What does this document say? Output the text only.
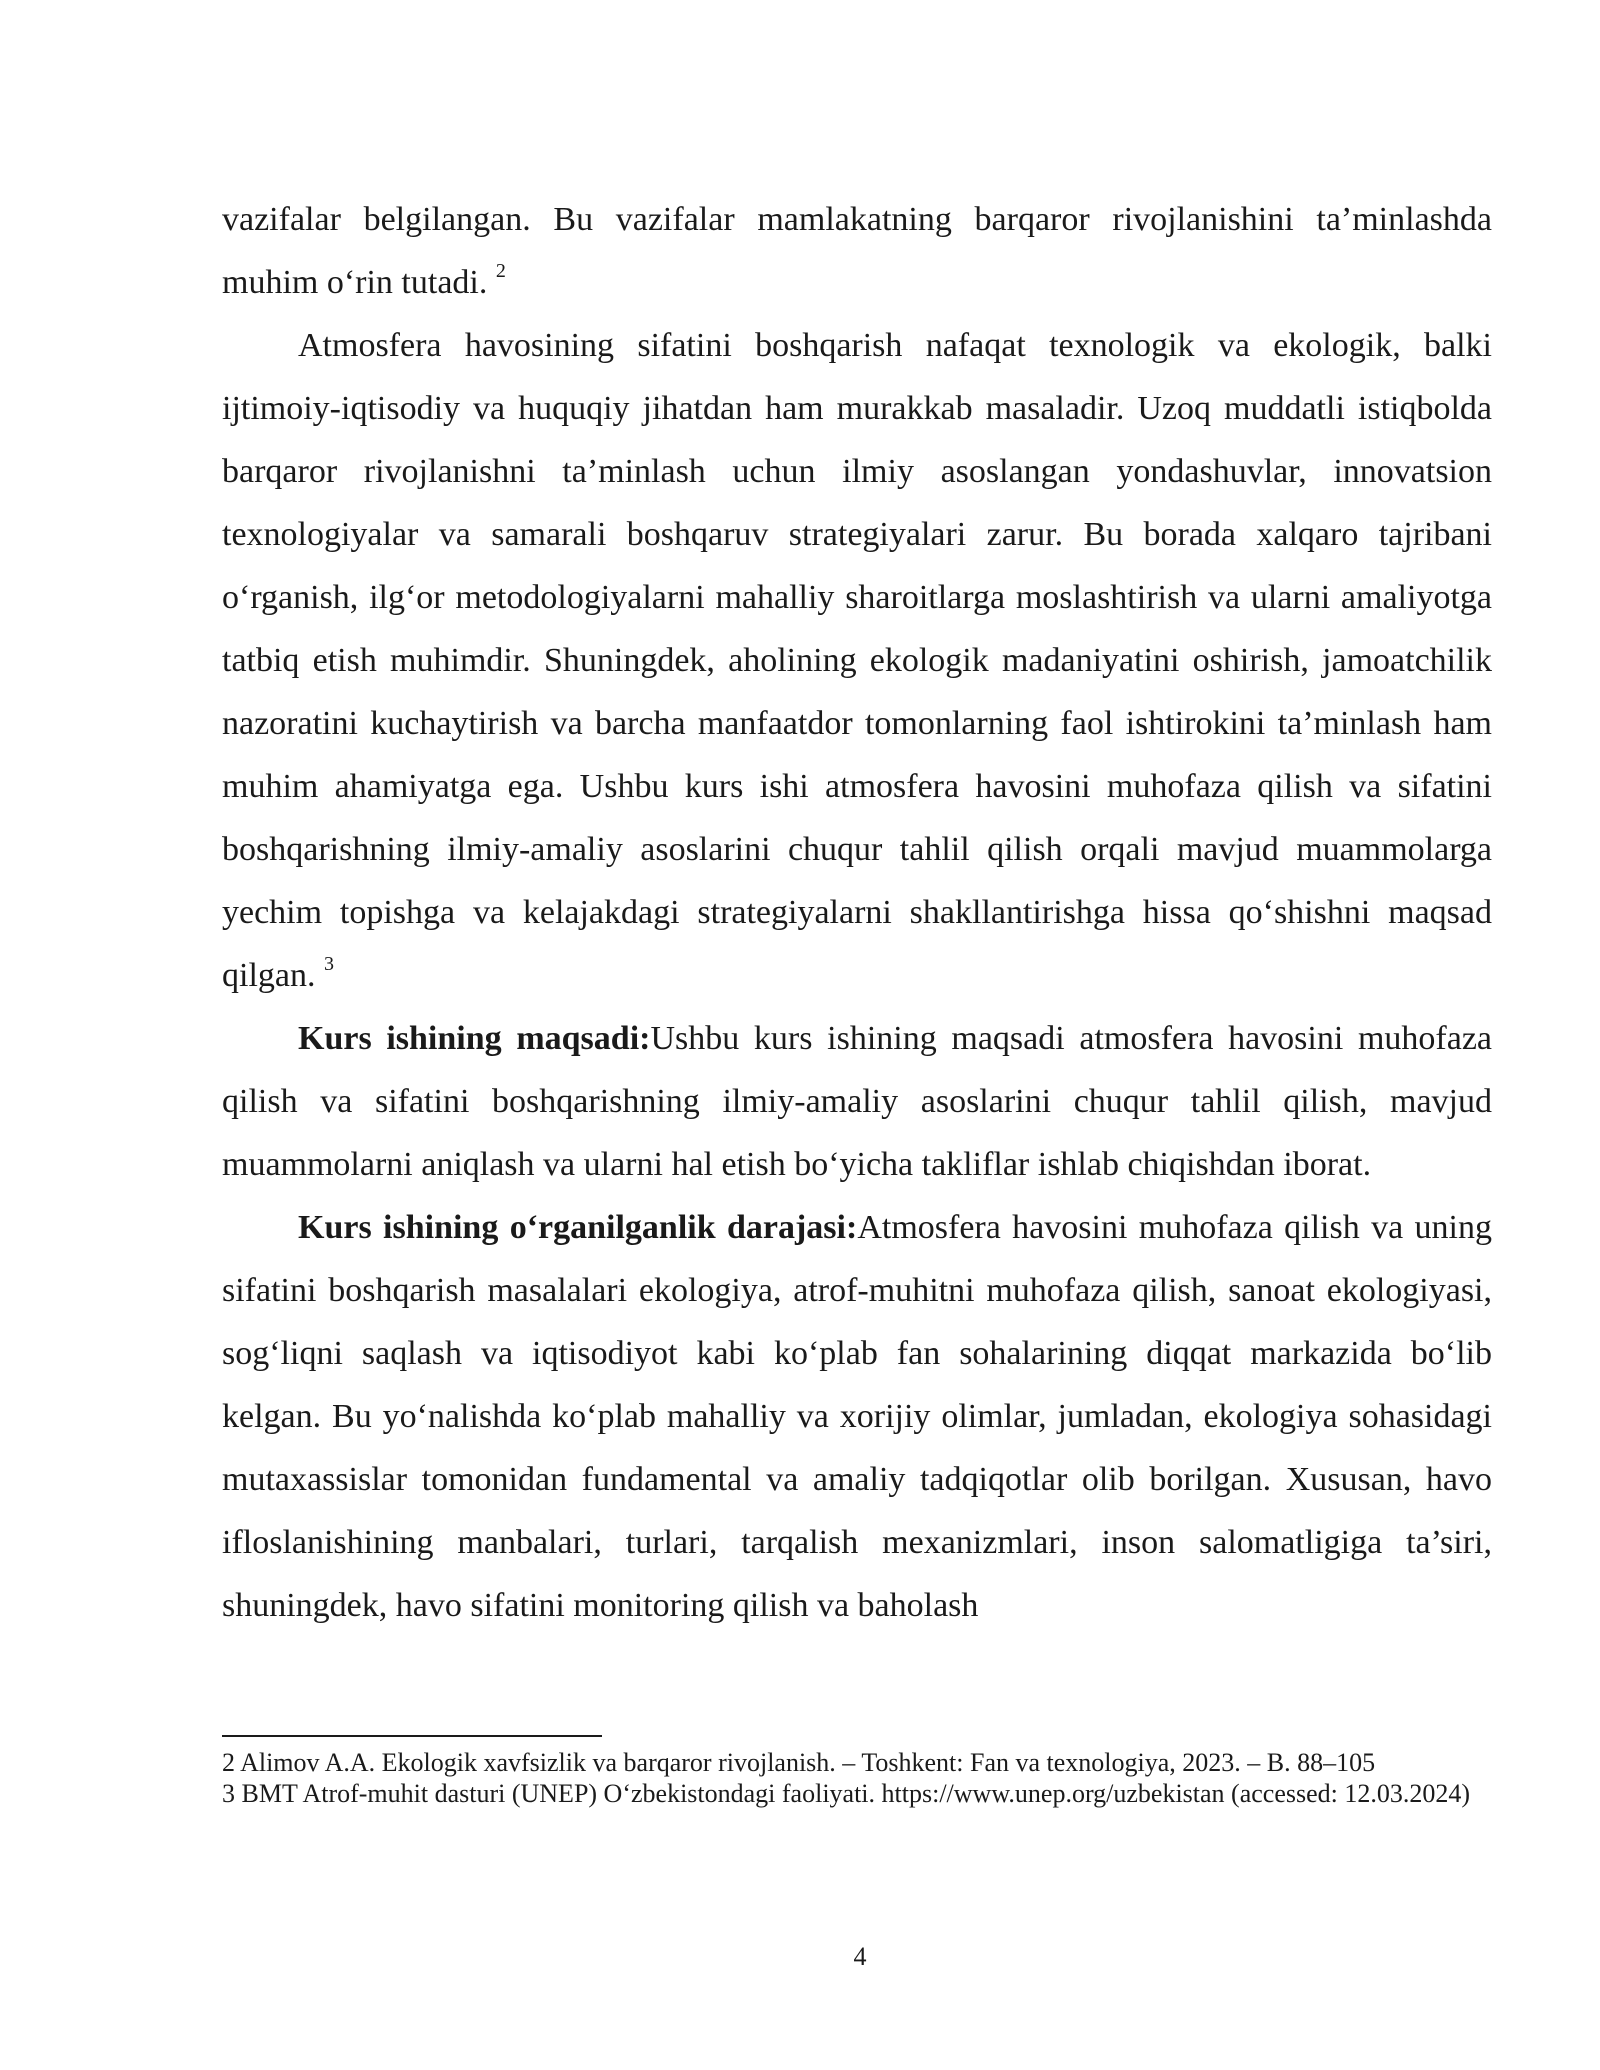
vazifalar belgilangan. Bu vazifalar mamlakatning barqaror rivojlanishini ta’minlashda muhim o‘rin tutadi. $^2$

Atmosfera havosining sifatini boshqarish nafaqat texnologik va ekologik, balki ijtimoiy-iqtisodiy va huquqiy jihatdan ham murakkab masaladir. Uzoq muddatli istiqbolda barqaror rivojlanishni ta’minlash uchun ilmiy asoslangan yondashuvlar, innovatsion texnologiyalar va samarali boshqaruv strategiyalari zarur. Bu borada xalqaro tajribani o‘rganish, ilg‘or metodologiyalarni mahalliy sharoitlarga moslashtirish va ularni amaliyotga tatbiq etish muhimdir. Shuningdek, aholining ekologik madaniyatini oshirish, jamoatchilik nazoratini kuchaytirish va barcha manfaatdor tomonlarning faol ishtirokini ta’minlash ham muhim ahamiyatga ega. Ushbu kurs ishi atmosfera havosini muhofaza qilish va sifatini boshqarishning ilmiy-amaliy asoslarini chuqur tahlil qilish orqali mavjud muammolarga yechim topishga va kelajakdagi strategiyalarni shakllantirishga hissa qo‘shishni maqsad qilgan. $^3$

Kurs ishining maqsadi:Ushbu kurs ishining maqsadi atmosfera havosini muhofaza qilish va sifatini boshqarishning ilmiy-amaliy asoslarini chuqur tahlil qilish, mavjud muammolarni aniqlash va ularni hal etish bo‘yicha takliflar ishlab chiqishdan iborat.

Kurs ishining o‘rganilganlik darajasi:Atmosfera havosini muhofaza qilish va uning sifatini boshqarish masalalari ekologiya, atrof-muhitni muhofaza qilish, sanoat ekologiyasi, sog‘liqni saqlash va iqtisodiyot kabi ko‘plab fan sohalarining diqqat markazida bo‘lib kelgan. Bu yo‘nalishda ko‘plab mahalliy va xorijiy olimlar, jumladan, ekologiya sohasidagi mutaxassislar tomonidan fundamental va amaliy tadqiqotlar olib borilgan. Xususan, havo ifloslanishining manbalari, turlari, tarqalish mexanizmlari, inson salomatligiga ta’siri, shuningdek, havo sifatini monitoring qilish va baholash

2 Alimov A.A. Ekologik xavfsizlik va barqaror rivojlanish. – Toshkent: Fan va texnologiya, 2023. – B. 88–105

3 BMT Atrof-muhit dasturi (UNEP) O‘zbekistondagi faoliyati. https://www.unep.org/uzbekistan (accessed: 12.03.2024)

4
